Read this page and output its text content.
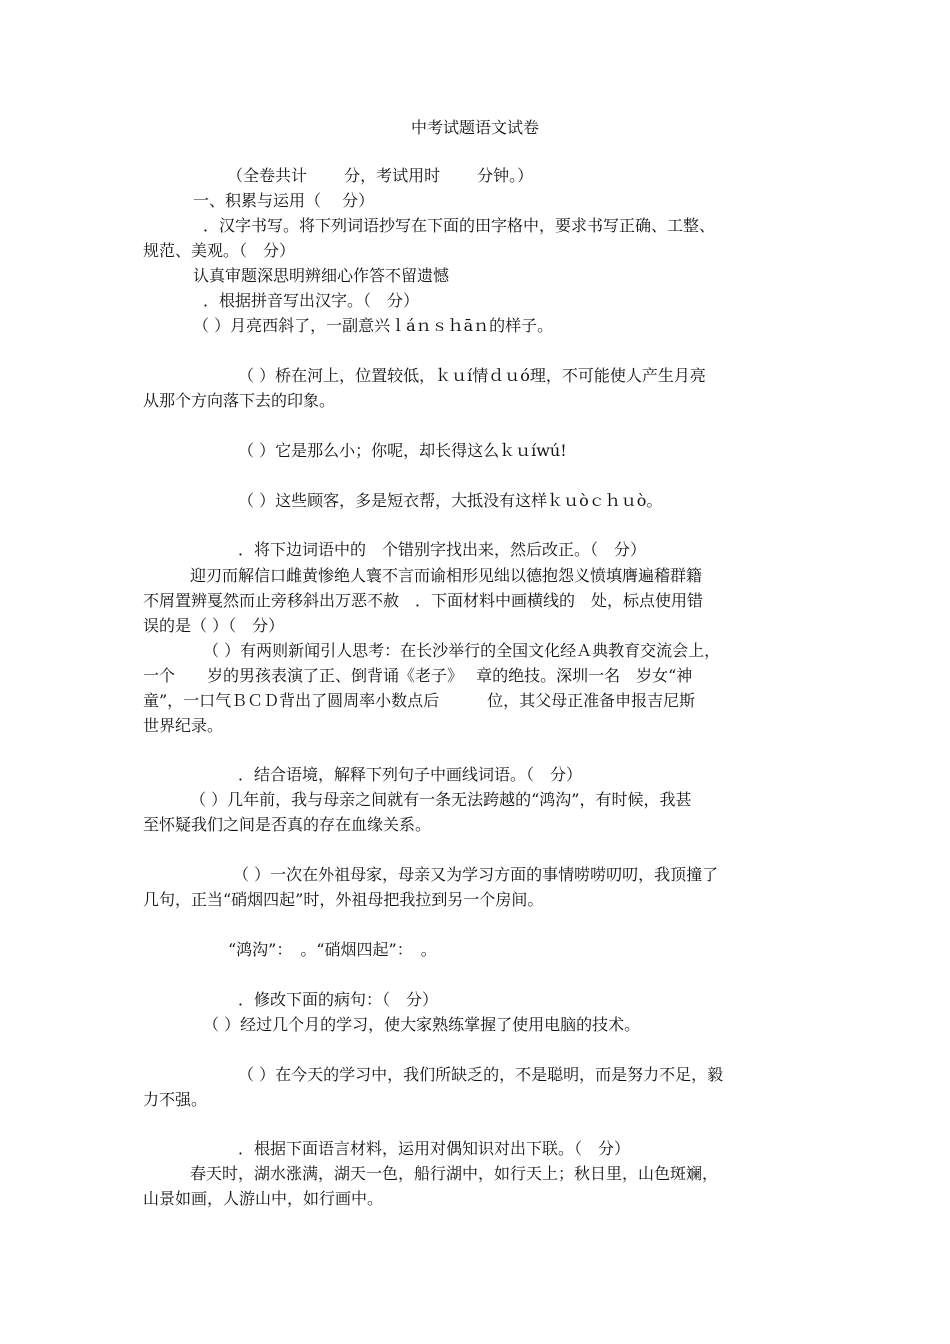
中考试题语文试卷
（全卷共计　　 分，考试用时　　 分钟。）
一、积累与运用（　 分）
．汉字书写。将下列词语抄写在下面的田字格中，要求书写正确、工整、
规范、美观。（　分）
认真审题深思明辨细心作答不留遗憾
．根据拼音写出汉字。（　分）
（ ）月亮西斜了，一副意兴ｌáｎｓｈāｎ的样子。
（ ）桥在河上，位置较低，ｋｕí情ｄｕó理，不可能使人产生月亮
从那个方向落下去的印象。
（ ）它是那么小；你呢，却长得这么ｋｕíwú!
（ ）这些顾客，多是短衣帮，大抵没有这样ｋｕòｃｈｕò。
．将下边词语中的　个错别字找出来，然后改正。（　分）
迎刃而解信口雌黄惨绝人寰不言而谕相形见绌以德抱怨义愤填膺遍稽群籍
不屑置辨戛然而止旁移斜出万恶不赦　．下面材料中画横线的　处，标点使用错
误的是（ ）（　分）
（ ）有两则新闻引人思考：在长沙举行的全国文化经Ａ典教育交流会上，
一个　　岁的男孩表演了正、倒背诵《老子》　 章的绝技。深圳一名　岁女“神
童”，一口气ＢＣＤ背出了圆周率小数点后　　　位，其父母正准备申报吉尼斯
世界纪录。
．结合语境，解释下列句子中画线词语。（　分）
（ ）几年前，我与母亲之间就有一条无法跨越的“鸿沟”，有时候，我甚
至怀疑我们之间是否真的存在血缘关系。
（ ）一次在外祖母家，母亲又为学习方面的事情唠唠叨叨，我顶撞了
几句，正当“硝烟四起”时，外祖母把我拉到另一个房间。
“鸿沟”：　。“硝烟四起”：　。
．修改下面的病句：（　分）
（ ）经过几个月的学习，使大家熟练掌握了使用电脑的技术。
（ ）在今天的学习中，我们所缺乏的，不是聪明，而是努力不足，毅
力不强。
．根据下面语言材料，运用对偶知识对出下联。（　分）
春天时，湖水涨满，湖天一色，船行湖中，如行天上；秋日里，山色斑斓，
山景如画，人游山中，如行画中。
